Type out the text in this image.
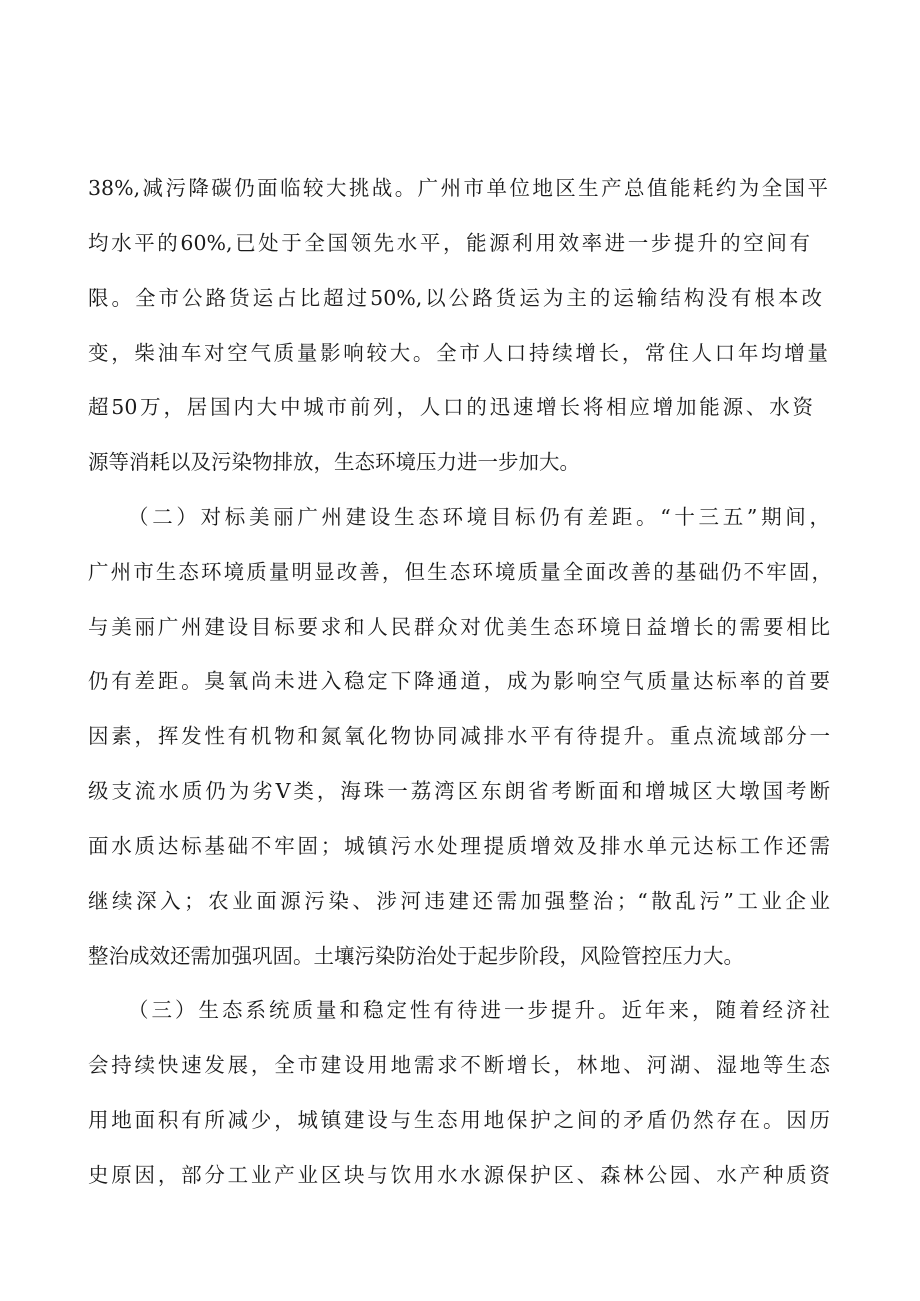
38%,减污降碳仍面临较大挑战。广州市单位地区生产总值能耗约为全国平

均水平的60%,已处于全国领先水平，能源利用效率进一步提升的空间有

限。全市公路货运占比超过50%,以公路货运为主的运输结构没有根本改

变，柴油车对空气质量影响较大。全市人口持续增长，常住人口年均增量

超50万，居国内大中城市前列，人口的迅速增长将相应增加能源、水资

源等消耗以及污染物排放，生态环境压力进一步加大。

（二）对标美丽广州建设生态环境目标仍有差距。“十三五”期间，

广州市生态环境质量明显改善，但生态环境质量全面改善的基础仍不牢固，

与美丽广州建设目标要求和人民群众对优美生态环境日益增长的需要相比

仍有差距。臭氧尚未进入稳定下降通道，成为影响空气质量达标率的首要

因素，挥发性有机物和氮氧化物协同减排水平有待提升。重点流域部分一

级支流水质仍为劣Ⅴ类，海珠一荔湾区东朗省考断面和增城区大墩国考断

面水质达标基础不牢固；城镇污水处理提质增效及排水单元达标工作还需

继续深入；农业面源污染、涉河违建还需加强整治；“散乱污”工业企业

整治成效还需加强巩固。土壤污染防治处于起步阶段，风险管控压力大。

（三）生态系统质量和稳定性有待进一步提升。近年来，随着经济社

会持续快速发展，全市建设用地需求不断增长，林地、河湖、湿地等生态

用地面积有所减少，城镇建设与生态用地保护之间的矛盾仍然存在。因历

史原因，部分工业产业区块与饮用水水源保护区、森林公园、水产种质资
